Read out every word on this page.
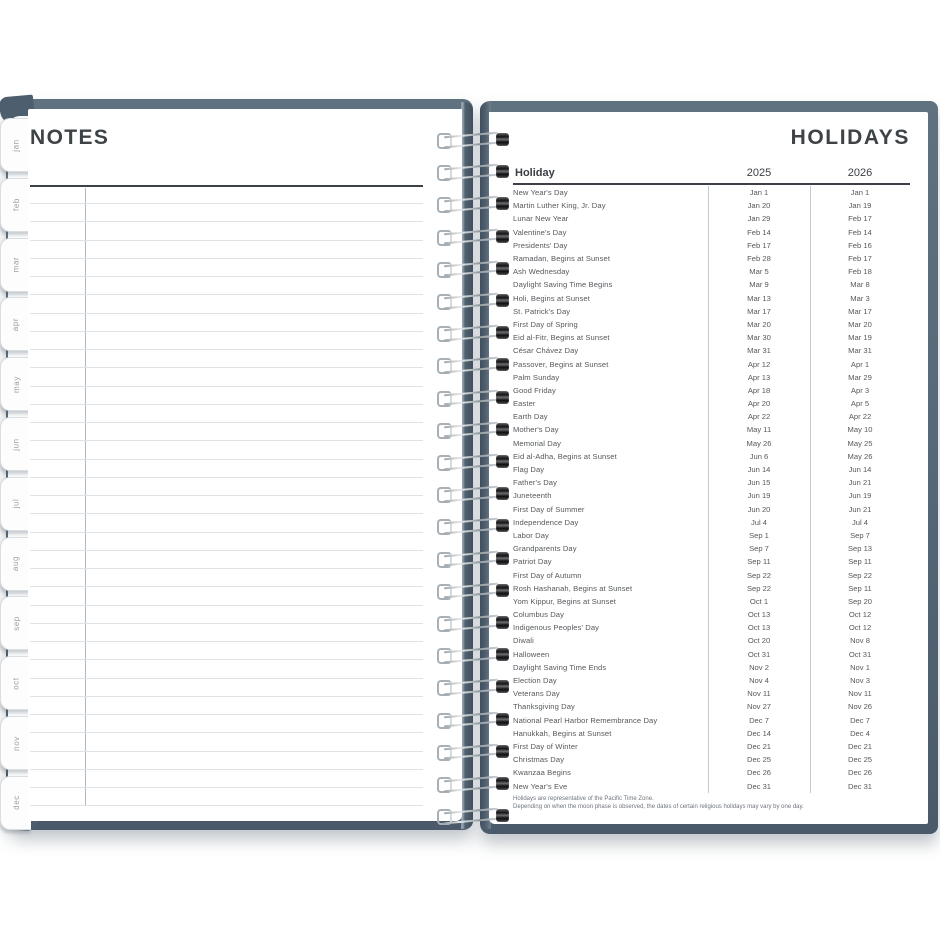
jan
feb
mar
apr
may
jun
jul
aug
sep
oct
nov
dec
NOTES	HOLIDAYS
Holiday	2025	2026
New Year's Day	Jan 1	Jan 1
Martin Luther King, Jr. Day	Jan 20	Jan 19
Lunar New Year	Jan 29	Feb 17
Valentine's Day	Feb 14	Feb 14
Presidents' Day	Feb 17	Feb 16
Ramadan, Begins at Sunset	Feb 28	Feb 17
Ash Wednesday	Mar 5	Feb 18
Daylight Saving Time Begins	Mar 9	Mar 8
Holi, Begins at Sunset	Mar 13	Mar 3
St. Patrick's Day	Mar 17	Mar 17
First Day of Spring	Mar 20	Mar 20
Eid al-Fitr, Begins at Sunset	Mar 30	Mar 19
César Chávez Day	Mar 31	Mar 31
Passover, Begins at Sunset	Apr 12	Apr 1
Palm Sunday	Apr 13	Mar 29
Good Friday	Apr 18	Apr 3
Easter	Apr 20	Apr 5
Earth Day	Apr 22	Apr 22
Mother's Day	May 11	May 10
Memorial Day	May 26	May 25
Eid al-Adha, Begins at Sunset	Jun 6	May 26
Flag Day	Jun 14	Jun 14
Father's Day	Jun 15	Jun 21
Juneteenth	Jun 19	Jun 19
First Day of Summer	Jun 20	Jun 21
Independence Day	Jul 4	Jul 4
Labor Day	Sep 1	Sep 7
Grandparents Day	Sep 7	Sep 13
Patriot Day	Sep 11	Sep 11
First Day of Autumn	Sep 22	Sep 22
Rosh Hashanah, Begins at Sunset	Sep 22	Sep 11
Yom Kippur, Begins at Sunset	Oct 1	Sep 20
Columbus Day	Oct 13	Oct 12
Indigenous Peoples' Day	Oct 13	Oct 12
Diwali	Oct 20	Nov 8
Halloween	Oct 31	Oct 31
Daylight Saving Time Ends	Nov 2	Nov 1
Election Day	Nov 4	Nov 3
Veterans Day	Nov 11	Nov 11
Thanksgiving Day	Nov 27	Nov 26
National Pearl Harbor Remembrance Day	Dec 7	Dec 7
Hanukkah, Begins at Sunset	Dec 14	Dec 4
First Day of Winter	Dec 21	Dec 21
Christmas Day	Dec 25	Dec 25
Kwanzaa Begins	Dec 26	Dec 26
New Year's Eve	Dec 31	Dec 31
Holidays are representative of the Pacific Time Zone.
Depending on when the moon phase is observed, the dates of certain religious holidays may vary by one day.
